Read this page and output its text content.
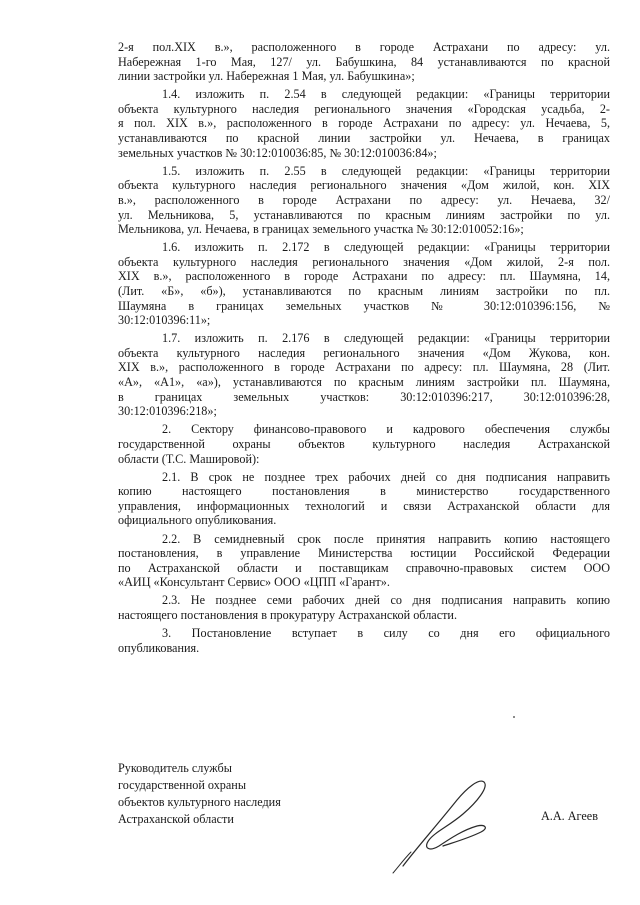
2-я пол.XIX в.», расположенного в городе Астрахани по адресу: ул.
Набережная 1-го Мая, 127/ ул. Бабушкина, 84 устанавливаются по красной
линии застройки ул. Набережная 1 Мая, ул. Бабушкина»;
1.4. изложить п. 2.54 в следующей редакции: «Границы территории
объекта культурного наследия регионального значения «Городская усадьба, 2-
я пол. XIX в.», расположенного в городе Астрахани по адресу: ул. Нечаева, 5,
устанавливаются по красной линии застройки ул. Нечаева, в границах
земельных участков № 30:12:010036:85, № 30:12:010036:84»;
1.5. изложить п. 2.55 в следующей редакции: «Границы территории
объекта культурного наследия регионального значения «Дом жилой, кон. XIX
в.», расположенного в городе Астрахани по адресу: ул. Нечаева, 32/
ул. Мельникова, 5, устанавливаются по красным линиям застройки по ул.
Мельникова, ул. Нечаева, в границах земельного участка № 30:12:010052:16»;
1.6. изложить п. 2.172 в следующей редакции: «Границы территории
объекта культурного наследия регионального значения «Дом жилой, 2-я пол.
XIX в.», расположенного в городе Астрахани по адресу: пл. Шаумяна, 14,
(Лит. «Б», «б»), устанавливаются по красным линиям застройки по пл.
Шаумяна в границах земельных участков № 30:12:010396:156, №
30:12:010396:11»;
1.7. изложить п. 2.176 в следующей редакции: «Границы территории
объекта культурного наследия регионального значения «Дом Жукова, кон.
XIX в.», расположенного в городе Астрахани по адресу: пл. Шаумяна, 28 (Лит.
«А», «А1», «а»), устанавливаются по красным линиям застройки пл. Шаумяна,
в границах земельных участков: 30:12:010396:217, 30:12:010396:28,
30:12:010396:218»;
2. Сектору финансово-правового и кадрового обеспечения службы
государственной охраны объектов культурного наследия Астраханской
области (Т.С. Машировой):
2.1. В срок не позднее трех рабочих дней со дня подписания направить
копию настоящего постановления в министерство государственного
управления, информационных технологий и связи Астраханской области для
официального опубликования.
2.2. В семидневный срок после принятия направить копию настоящего
постановления, в управление Министерства юстиции Российской Федерации
по Астраханской области и поставщикам справочно-правовых систем ООО
«АИЦ «Консультант Сервис» ООО «ЦПП «Гарант».
2.3. Не позднее семи рабочих дней со дня подписания направить копию
настоящего постановления в прокуратуру Астраханской области.
3. Постановление вступает в силу со дня его официального
опубликования.
Руководитель службы
государственной охраны
объектов культурного наследия
Астраханской области	А.А. Агеев
